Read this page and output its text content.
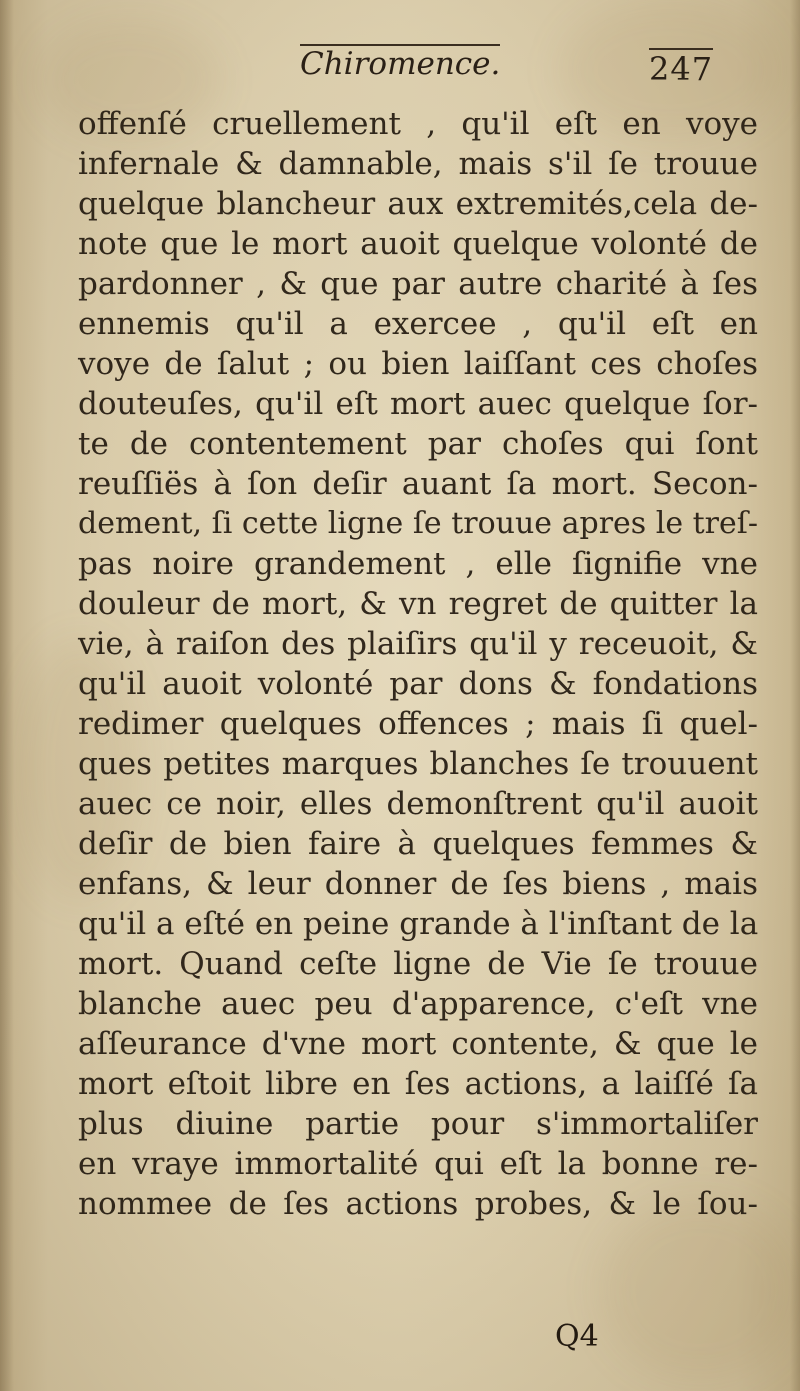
Chiromence.	247
offenſé cruellement , qu'il eſt en voye
infernale & damnable, mais s'il ſe trouue
quelque blancheur aux extremités,cela de-
note que le mort auoit quelque volonté de
pardonner , & que par autre charité à ſes
ennemis qu'il a exercee , qu'il eſt en
voye de ſalut ; ou bien laiſſant ces choſes
douteuſes, qu'il eſt mort auec quelque ſor-
te de contentement par choſes qui ſont
reuſſiës à ſon deſir auant ſa mort. Secon-
dement, ſi cette ligne ſe trouue apres le treſ-
pas noire grandement , elle ſignifie vne
douleur de mort, & vn regret de quitter la
vie, à raiſon des plaiſirs qu'il y receuoit, &
qu'il auoit volonté par dons & fondations
redimer quelques offences ; mais ſi quel-
ques petites marques blanches ſe trouuent
auec ce noir, elles demonſtrent qu'il auoit
deſir de bien faire à quelques femmes &
enfans, & leur donner de ſes biens , mais
qu'il a eſté en peine grande à l'inſtant de la
mort. Quand ceſte ligne de Vie ſe trouue
blanche auec peu d'apparence, c'eſt vne
aſſeurance d'vne mort contente, & que le
mort eſtoit libre en ſes actions, a laiſſé ſa
plus diuine partie pour s'immortaliſer
en vraye immortalité qui eſt la bonne re-
nommee de ſes actions probes, & le ſou-
Q4
